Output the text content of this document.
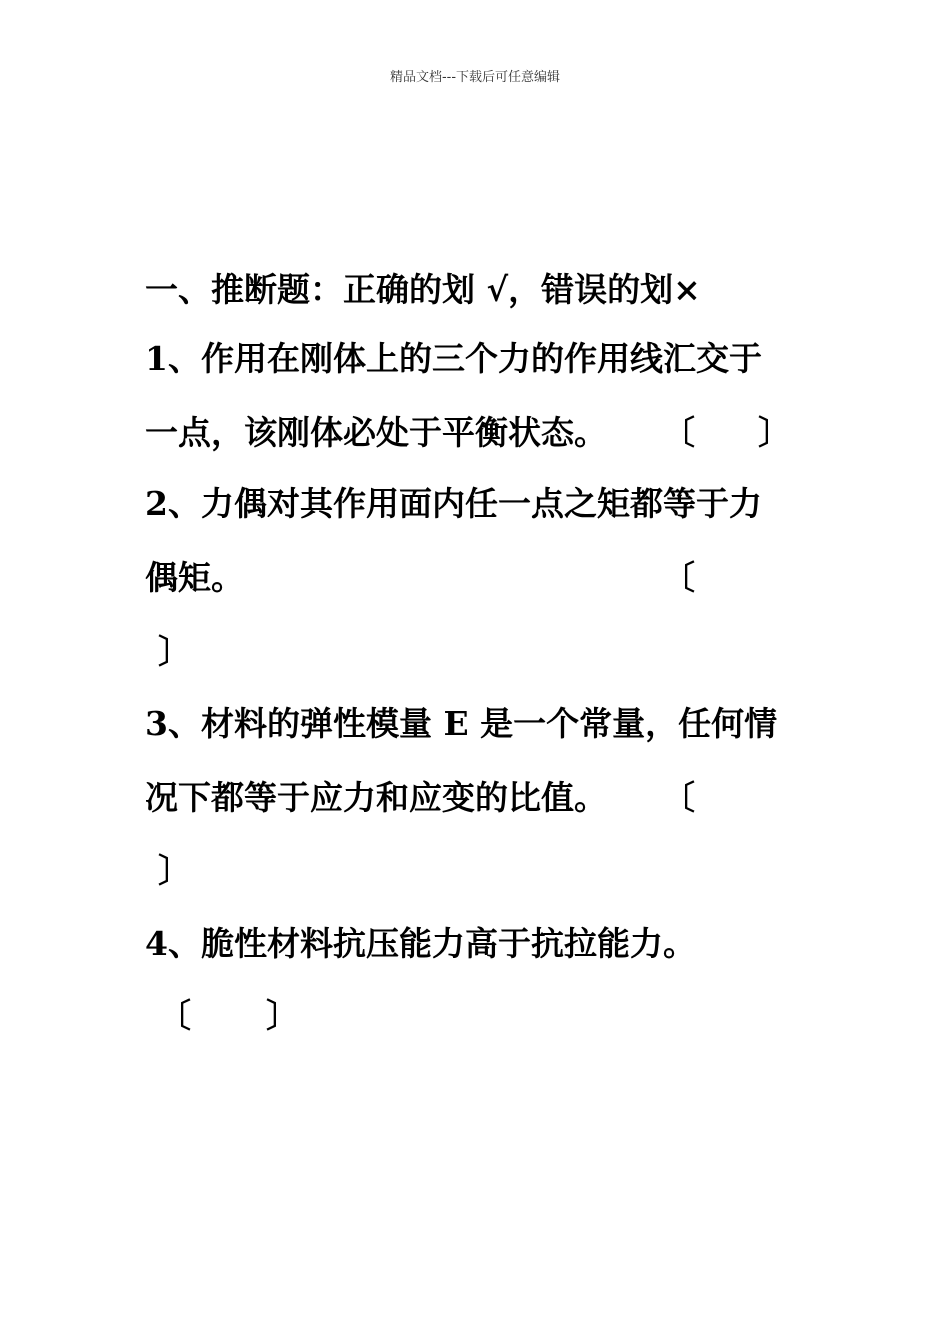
精品文档---下载后可任意编辑
一、推断题：正确的划 √，错误的划×
1、作用在刚体上的三个力的作用线汇交于
一点，该刚体必处于平衡状态。 〔 〕
2、力偶对其作用面内任一点之矩都等于力
偶矩。	〔
〕
3、材料的弹性模量 E 是一个常量，任何情
况下都等于应力和应变的比值。 〔
〕
4、脆性材料抗压能力高于抗拉能力。
〔 〕
